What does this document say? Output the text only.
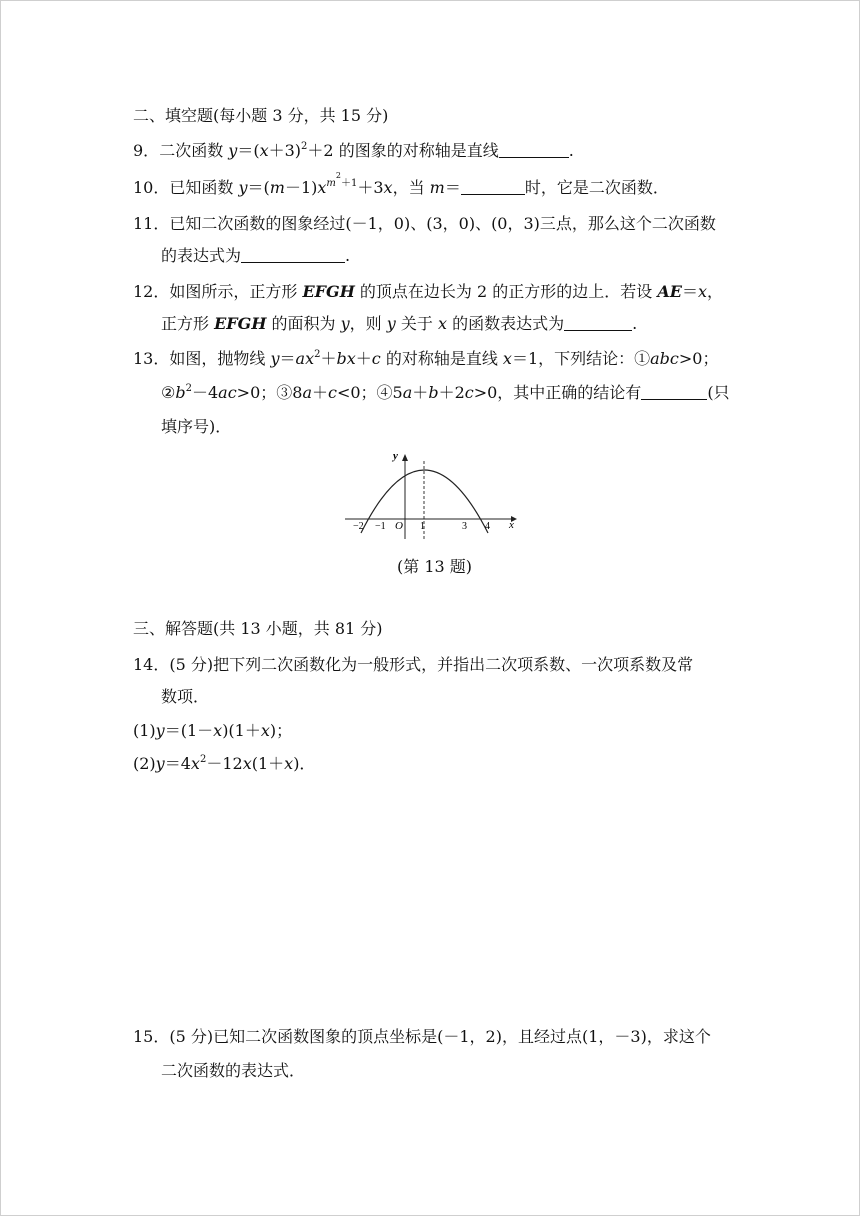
二、填空题(每小题 3 分，共 15 分)
9．二次函数 $y=(x+3)^2+2$ 的图象的对称轴是直线	.
10．已知函数 $y=(m-1)x^{m^2+1}+3x$，当 m＝	时，它是二次函数．
11．已知二次函数的图象经过(－1，0)、(3，0)、(0，3)三点，那么这个二次函数
的表达式为	.
12．如图所示，正方形 EFGH 的顶点在边长为 2 的正方形的边上．若设 AE＝x，
正方形 EFGH 的面积为 y，则 y 关于 x 的函数表达式为	.
13．如图，抛物线 $y=ax^2+bx+c$ 的对称轴是直线 x＝1，下列结论：①abc>0；
$②b^2-4ac>0$；③8a＋c<0；④5a＋b＋2c>0，其中正确的结论有	(只
填序号)．
y
x
O
−2 −1	1	3 4
(第 13 题)
三、解答题(共 13 小题，共 81 分)
14．(5 分)把下列二次函数化为一般形式，并指出二次项系数、一次项系数及常
数项．
(1)y＝(1－x)(1＋x)；
$(2)y=4x^2-12x(1+x)$．
15．(5 分)已知二次函数图象的顶点坐标是(－1，2)，且经过点(1，－3)，求这个
二次函数的表达式．
